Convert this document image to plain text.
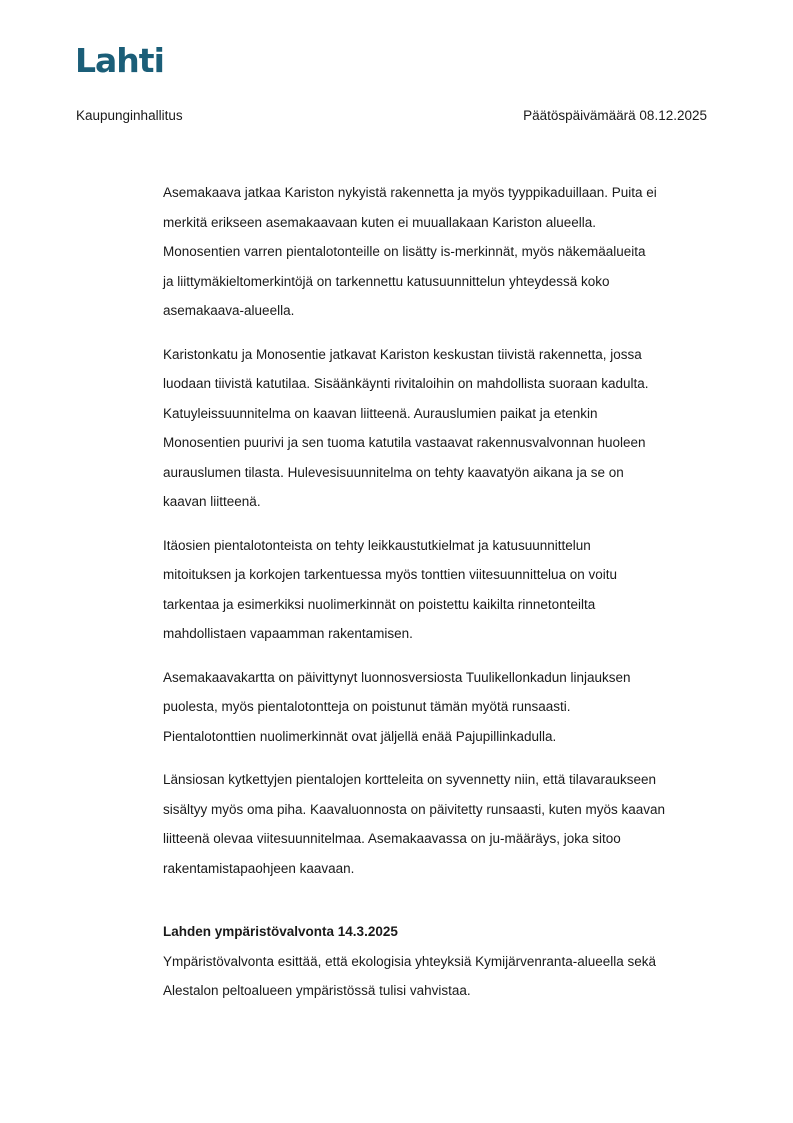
Lahti
Kaupunginhallitus	Päätöspäivämäärä 08.12.2025

Asemakaava jatkaa Kariston nykyistä rakennetta ja myös tyyppikaduillaan. Puita ei
merkitä erikseen asemakaavaan kuten ei muuallakaan Kariston alueella.
Monosentien varren pientalotonteille on lisätty is-merkinnät, myös näkemäalueita
ja liittymäkieltomerkintöjä on tarkennettu katusuunnittelun yhteydessä koko
asemakaava-alueella.

Karistonkatu ja Monosentie jatkavat Kariston keskustan tiivistä rakennetta, jossa
luodaan tiivistä katutilaa. Sisäänkäynti rivitaloihin on mahdollista suoraan kadulta.
Katuyleissuunnitelma on kaavan liitteenä. Aurauslumien paikat ja etenkin
Monosentien puurivi ja sen tuoma katutila vastaavat rakennusvalvonnan huoleen
aurauslumen tilasta. Hulevesisuunnitelma on tehty kaavatyön aikana ja se on
kaavan liitteenä.

Itäosien pientalotonteista on tehty leikkaustutkielmat ja katusuunnittelun
mitoituksen ja korkojen tarkentuessa myös tonttien viitesuunnittelua on voitu
tarkentaa ja esimerkiksi nuolimerkinnät on poistettu kaikilta rinnetonteilta
mahdollistaen vapaamman rakentamisen.

Asemakaavakartta on päivittynyt luonnosversiosta Tuulikellonkadun linjauksen
puolesta, myös pientalotontteja on poistunut tämän myötä runsaasti.
Pientalotonttien nuolimerkinnät ovat jäljellä enää Pajupillinkadulla.

Länsiosan kytkettyjen pientalojen kortteleita on syvennetty niin, että tilavaraukseen
sisältyy myös oma piha. Kaavaluonnosta on päivitetty runsaasti, kuten myös kaavan
liitteenä olevaa viitesuunnitelmaa. Asemakaavassa on ju-määräys, joka sitoo
rakentamistapaohjeen kaavaan.

Lahden ympäristövalvonta 14.3.2025

Ympäristövalvonta esittää, että ekologisia yhteyksiä Kymijärvenranta-alueella sekä
Alestalon peltoalueen ympäristössä tulisi vahvistaa.
